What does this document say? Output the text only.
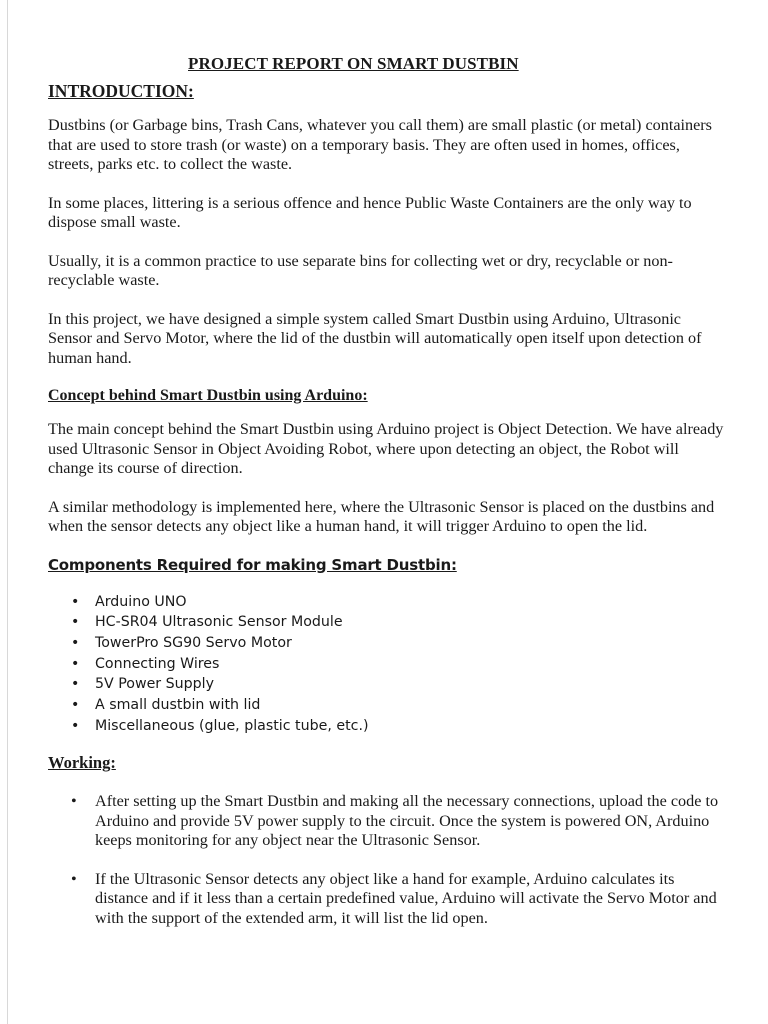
PROJECT REPORT ON SMART DUSTBIN
INTRODUCTION:

Dustbins (or Garbage bins, Trash Cans, whatever you call them) are small plastic (or metal) containers that are used to store trash (or waste) on a temporary basis. They are often used in homes, offices, streets, parks etc. to collect the waste.

In some places, littering is a serious offence and hence Public Waste Containers are the only way to dispose small waste.

Usually, it is a common practice to use separate bins for collecting wet or dry, recyclable or non-recyclable waste.

In this project, we have designed a simple system called Smart Dustbin using Arduino, Ultrasonic Sensor and Servo Motor, where the lid of the dustbin will automatically open itself upon detection of human hand.

Concept behind Smart Dustbin using Arduino:

The main concept behind the Smart Dustbin using Arduino project is Object Detection. We have already used Ultrasonic Sensor in Object Avoiding Robot, where upon detecting an object, the Robot will change its course of direction.

A similar methodology is implemented here, where the Ultrasonic Sensor is placed on the dustbins and when the sensor detects any object like a human hand, it will trigger Arduino to open the lid.

Components Required for making Smart Dustbin:
• Arduino UNO
• HC-SR04 Ultrasonic Sensor Module
• TowerPro SG90 Servo Motor
• Connecting Wires
• 5V Power Supply
• A small dustbin with lid
• Miscellaneous (glue, plastic tube, etc.)
Working:
• After setting up the Smart Dustbin and making all the necessary connections, upload the code to Arduino and provide 5V power supply to the circuit. Once the system is powered ON, Arduino keeps monitoring for any object near the Ultrasonic Sensor.
• If the Ultrasonic Sensor detects any object like a hand for example, Arduino calculates its distance and if it less than a certain predefined value, Arduino will activate the Servo Motor and with the support of the extended arm, it will list the lid open.
